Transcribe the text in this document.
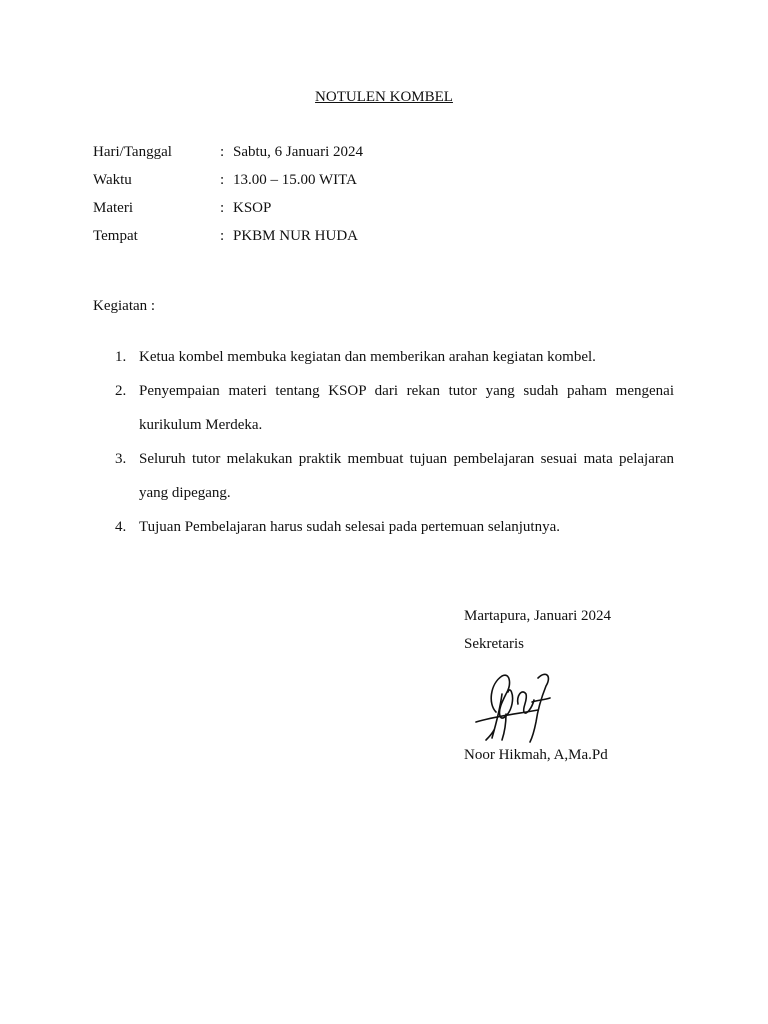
NOTULEN KOMBEL
Hari/Tanggal	: Sabtu, 6 Januari 2024
Waktu	: 13.00 – 15.00 WITA
Materi	: KSOP
Tempat	: PKBM NUR HUDA
Kegiatan :
1. Ketua kombel membuka kegiatan dan memberikan arahan kegiatan kombel.
2. Penyempaian materi tentang KSOP dari rekan tutor yang sudah paham mengenai kurikulum Merdeka.
3. Seluruh tutor melakukan praktik membuat tujuan pembelajaran sesuai mata pelajaran yang dipegang.
4. Tujuan Pembelajaran harus sudah selesai pada pertemuan selanjutnya.
Martapura, Januari 2024
Sekretaris
Noor Hikmah, A,Ma.Pd
